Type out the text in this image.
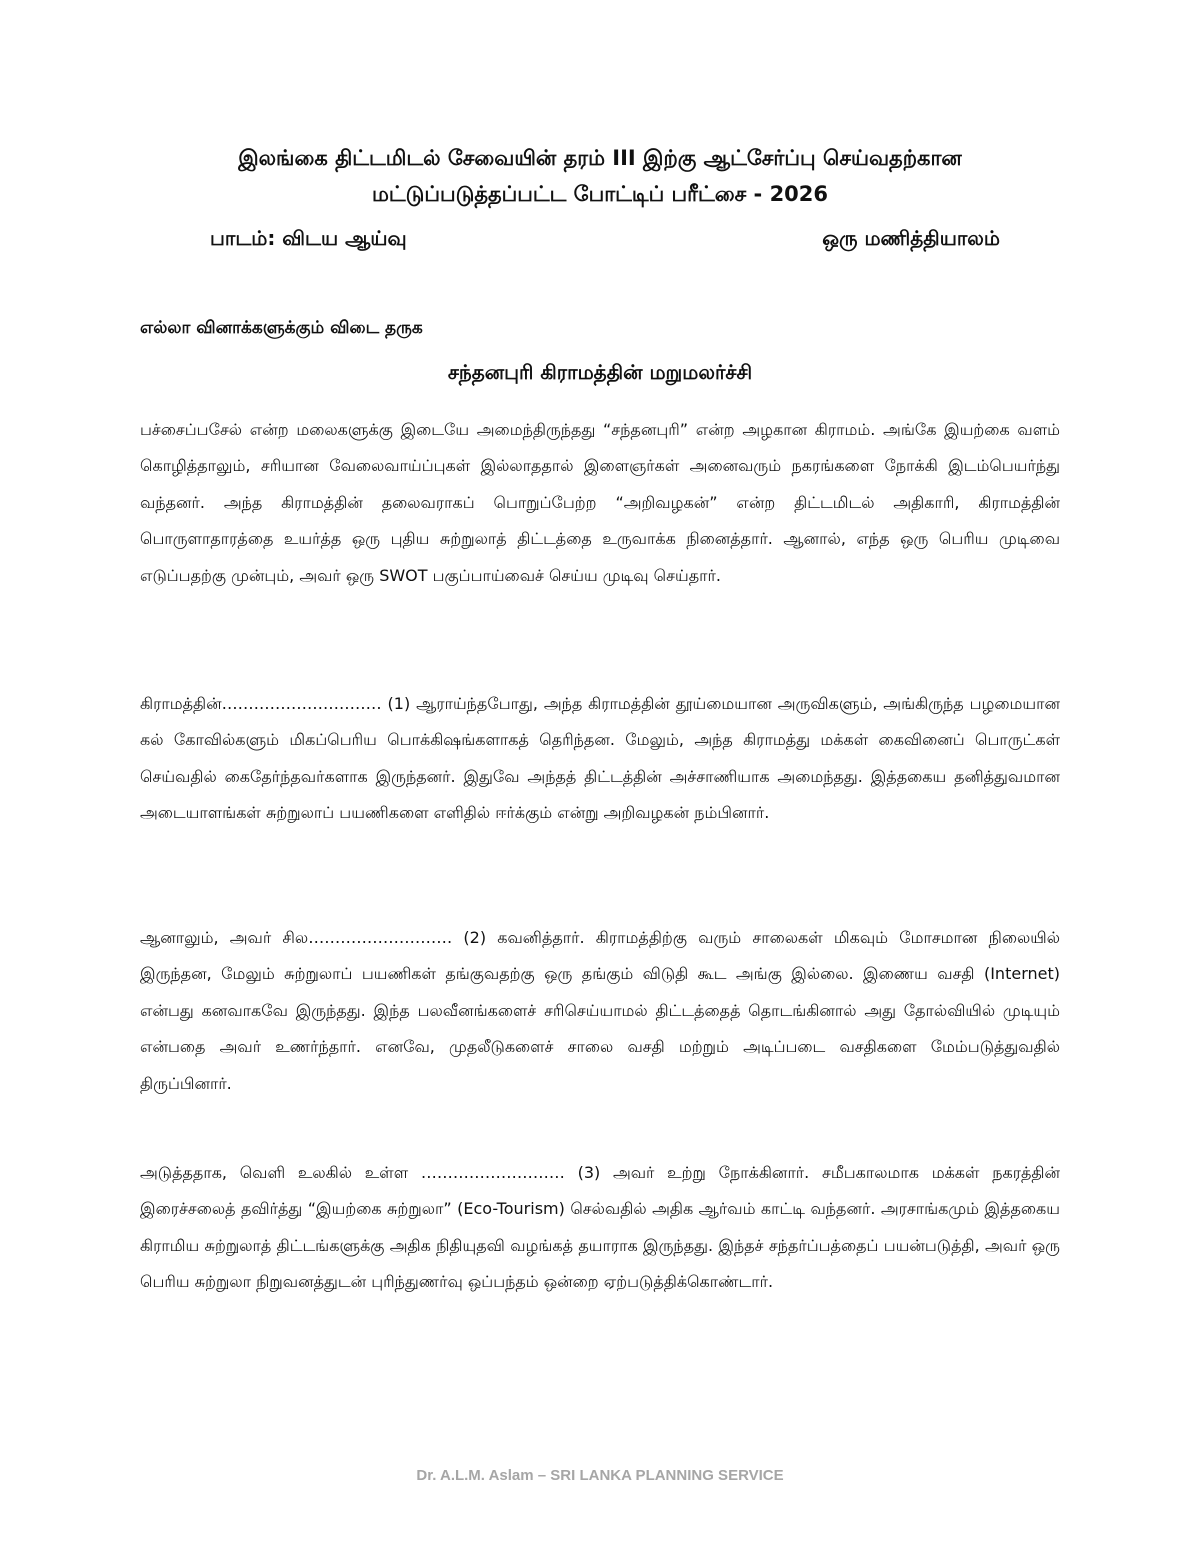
இலங்கை திட்டமிடல் சேவையின் தரம் III இற்கு ஆட்சேர்ப்பு செய்வதற்கான

மட்டுப்படுத்தப்பட்ட போட்டிப் பரீட்சை - 2026

பாடம்: விடய ஆய்வு	ஒரு மணித்தியாலம்
எல்லா வினாக்களுக்கும் விடை தருக
சந்தனபுரி கிராமத்தின் மறுமலர்ச்சி

பச்சைப்பசேல் என்ற மலைகளுக்கு இடையே அமைந்திருந்தது “சந்தனபுரி” என்ற அழகான கிராமம். அங்கே இயற்கை வளம் கொழித்தாலும், சரியான வேலைவாய்ப்புகள் இல்லாததால் இளைஞர்கள் அனைவரும் நகரங்களை நோக்கி இடம்பெயர்ந்து வந்தனர். அந்த கிராமத்தின் தலைவராகப் பொறுப்பேற்ற “அறிவழகன்” என்ற திட்டமிடல் அதிகாரி, கிராமத்தின் பொருளாதாரத்தை உயர்த்த ஒரு புதிய சுற்றுலாத் திட்டத்தை உருவாக்க நினைத்தார். ஆனால், எந்த ஒரு பெரிய முடிவை எடுப்பதற்கு முன்பும், அவர் ஒரு SWOT பகுப்பாய்வைச் செய்ய முடிவு செய்தார்.

கிராமத்தின்………………………… (1) ஆராய்ந்தபோது, அந்த கிராமத்தின் தூய்மையான அருவிகளும், அங்கிருந்த பழமையான கல் கோவில்களும் மிகப்பெரிய பொக்கிஷங்களாகத் தெரிந்தன. மேலும், அந்த கிராமத்து மக்கள் கைவினைப் பொருட்கள் செய்வதில் கைதேர்ந்தவர்களாக இருந்தனர். இதுவே அந்தத் திட்டத்தின் அச்சாணியாக அமைந்தது. இத்தகைய தனித்துவமான அடையாளங்கள் சுற்றுலாப் பயணிகளை எளிதில் ஈர்க்கும் என்று அறிவழகன் நம்பினார்.

ஆனாலும், அவர் சில……………………… (2) கவனித்தார். கிராமத்திற்கு வரும் சாலைகள் மிகவும் மோசமான நிலையில் இருந்தன, மேலும் சுற்றுலாப் பயணிகள் தங்குவதற்கு ஒரு தங்கும் விடுதி கூட அங்கு இல்லை. இணைய வசதி (Internet) என்பது கனவாகவே இருந்தது. இந்த பலவீனங்களைச் சரிசெய்யாமல் திட்டத்தைத் தொடங்கினால் அது தோல்வியில் முடியும் என்பதை அவர் உணர்ந்தார். எனவே, முதலீடுகளைச் சாலை வசதி மற்றும் அடிப்படை வசதிகளை மேம்படுத்துவதில் திருப்பினார்.

அடுத்ததாக, வெளி உலகில் உள்ள ……………………… (3) அவர் உற்று நோக்கினார். சமீபகாலமாக மக்கள் நகரத்தின் இரைச்சலைத் தவிர்த்து “இயற்கை சுற்றுலா” (Eco-Tourism) செல்வதில் அதிக ஆர்வம் காட்டி வந்தனர். அரசாங்கமும் இத்தகைய கிராமிய சுற்றுலாத் திட்டங்களுக்கு அதிக நிதியுதவி வழங்கத் தயாராக இருந்தது. இந்தச் சந்தர்ப்பத்தைப் பயன்படுத்தி, அவர் ஒரு பெரிய சுற்றுலா நிறுவனத்துடன் புரிந்துணர்வு ஒப்பந்தம் ஒன்றை ஏற்படுத்திக்கொண்டார்.

Dr. A.L.M. Aslam – SRI LANKA PLANNING SERVICE
